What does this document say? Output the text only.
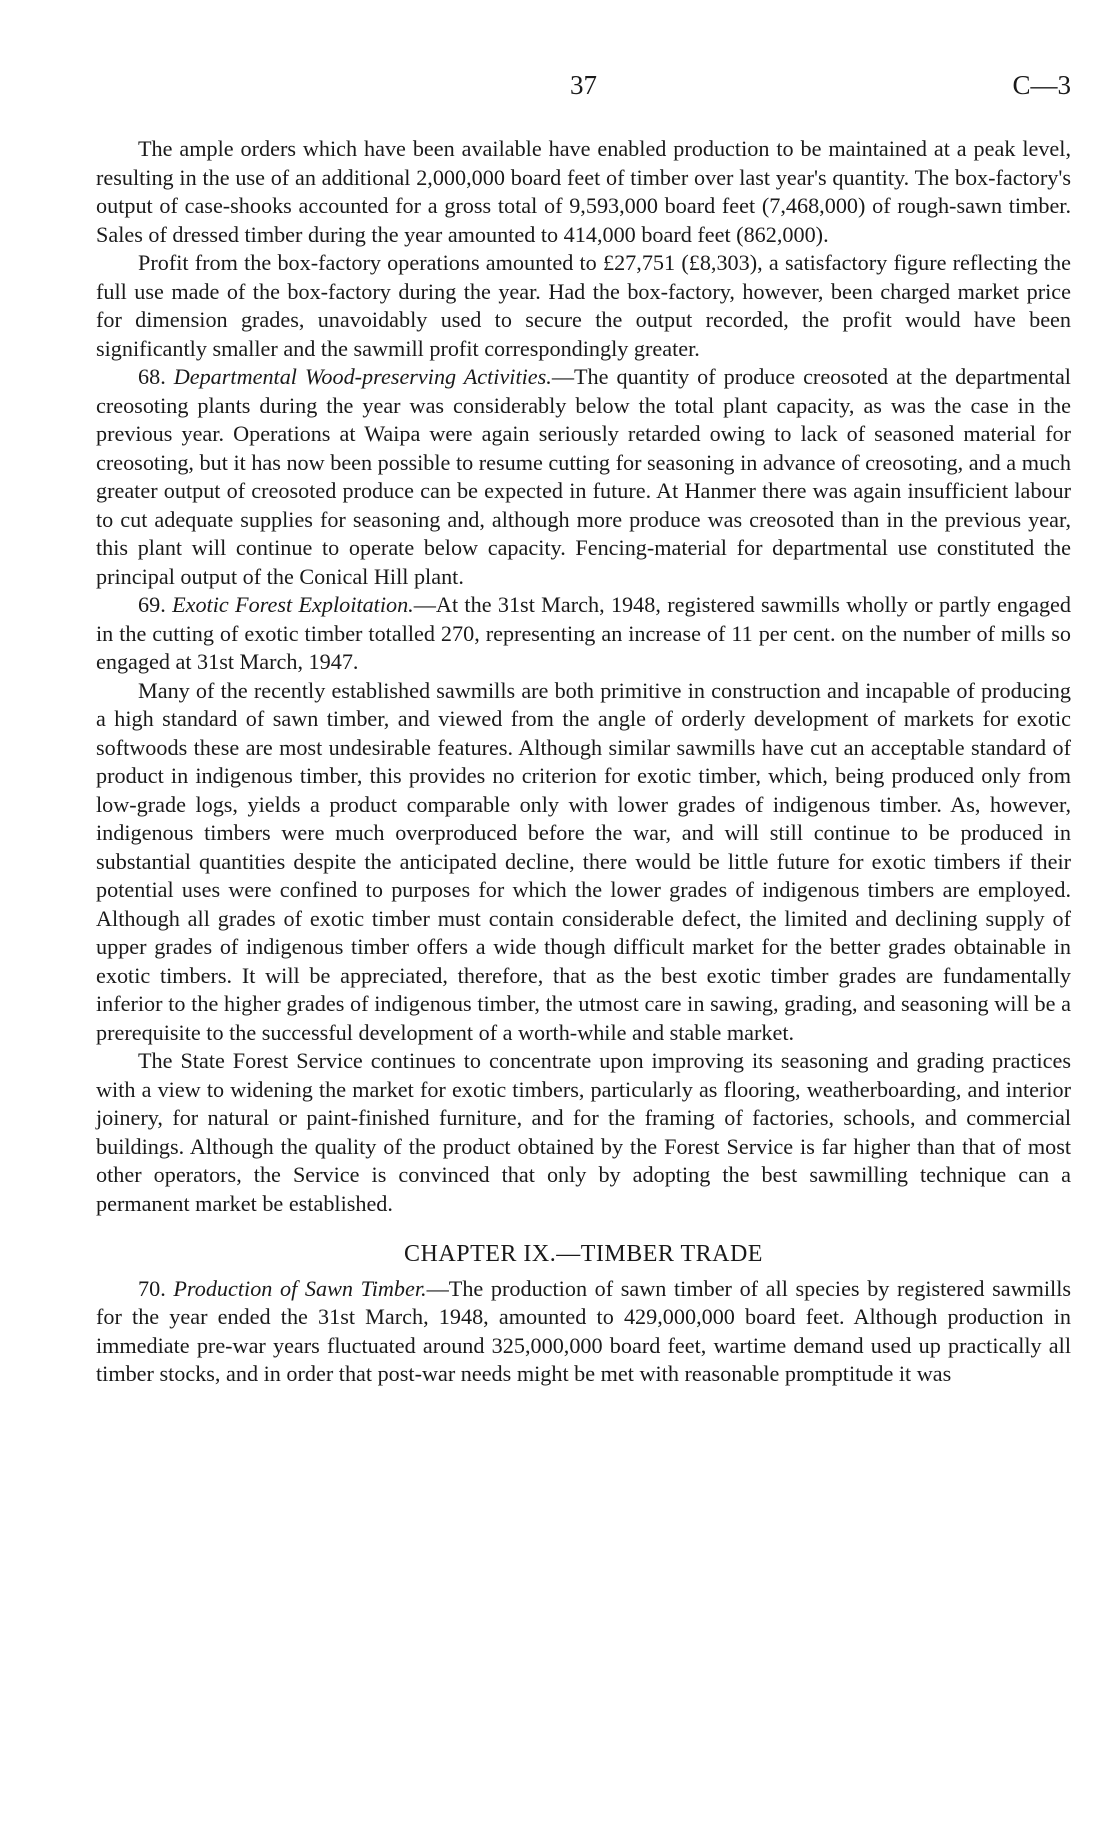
37	C—3

The ample orders which have been available have enabled production to be maintained at a peak level, resulting in the use of an additional 2,000,000 board feet of timber over last year's quantity. The box-factory's output of case-shooks accounted for a gross total of 9,593,000 board feet (7,468,000) of rough-sawn timber. Sales of dressed timber during the year amounted to 414,000 board feet (862,000).

Profit from the box-factory operations amounted to £27,751 (£8,303), a satisfactory figure reflecting the full use made of the box-factory during the year. Had the box-factory, however, been charged market price for dimension grades, unavoidably used to secure the output recorded, the profit would have been significantly smaller and the sawmill profit correspondingly greater.

68. Departmental Wood-preserving Activities.—The quantity of produce creosoted at the departmental creosoting plants during the year was considerably below the total plant capacity, as was the case in the previous year. Operations at Waipa were again seriously retarded owing to lack of seasoned material for creosoting, but it has now been possible to resume cutting for seasoning in advance of creosoting, and a much greater output of creosoted produce can be expected in future. At Hanmer there was again insufficient labour to cut adequate supplies for seasoning and, although more produce was creosoted than in the previous year, this plant will continue to operate below capacity. Fencing-material for departmental use constituted the principal output of the Conical Hill plant.

69. Exotic Forest Exploitation.—At the 31st March, 1948, registered sawmills wholly or partly engaged in the cutting of exotic timber totalled 270, representing an increase of 11 per cent. on the number of mills so engaged at 31st March, 1947.

Many of the recently established sawmills are both primitive in construction and incapable of producing a high standard of sawn timber, and viewed from the angle of orderly development of markets for exotic softwoods these are most undesirable features. Although similar sawmills have cut an acceptable standard of product in indigenous timber, this provides no criterion for exotic timber, which, being produced only from low-grade logs, yields a product comparable only with lower grades of indigenous timber. As, however, indigenous timbers were much overproduced before the war, and will still continue to be produced in substantial quantities despite the anticipated decline, there would be little future for exotic timbers if their potential uses were confined to purposes for which the lower grades of indigenous timbers are employed. Although all grades of exotic timber must contain considerable defect, the limited and declining supply of upper grades of indigenous timber offers a wide though difficult market for the better grades obtainable in exotic timbers. It will be appreciated, therefore, that as the best exotic timber grades are fundamentally inferior to the higher grades of indigenous timber, the utmost care in sawing, grading, and seasoning will be a prerequisite to the successful development of a worth-while and stable market.

The State Forest Service continues to concentrate upon improving its seasoning and grading practices with a view to widening the market for exotic timbers, particularly as flooring, weatherboarding, and interior joinery, for natural or paint-finished furniture, and for the framing of factories, schools, and commercial buildings. Although the quality of the product obtained by the Forest Service is far higher than that of most other operators, the Service is convinced that only by adopting the best sawmilling technique can a permanent market be established.

CHAPTER IX.—TIMBER TRADE

70. Production of Sawn Timber.—The production of sawn timber of all species by registered sawmills for the year ended the 31st March, 1948, amounted to 429,000,000 board feet. Although production in immediate pre-war years fluctuated around 325,000,000 board feet, wartime demand used up practically all timber stocks, and in order that post-war needs might be met with reasonable promptitude it was
